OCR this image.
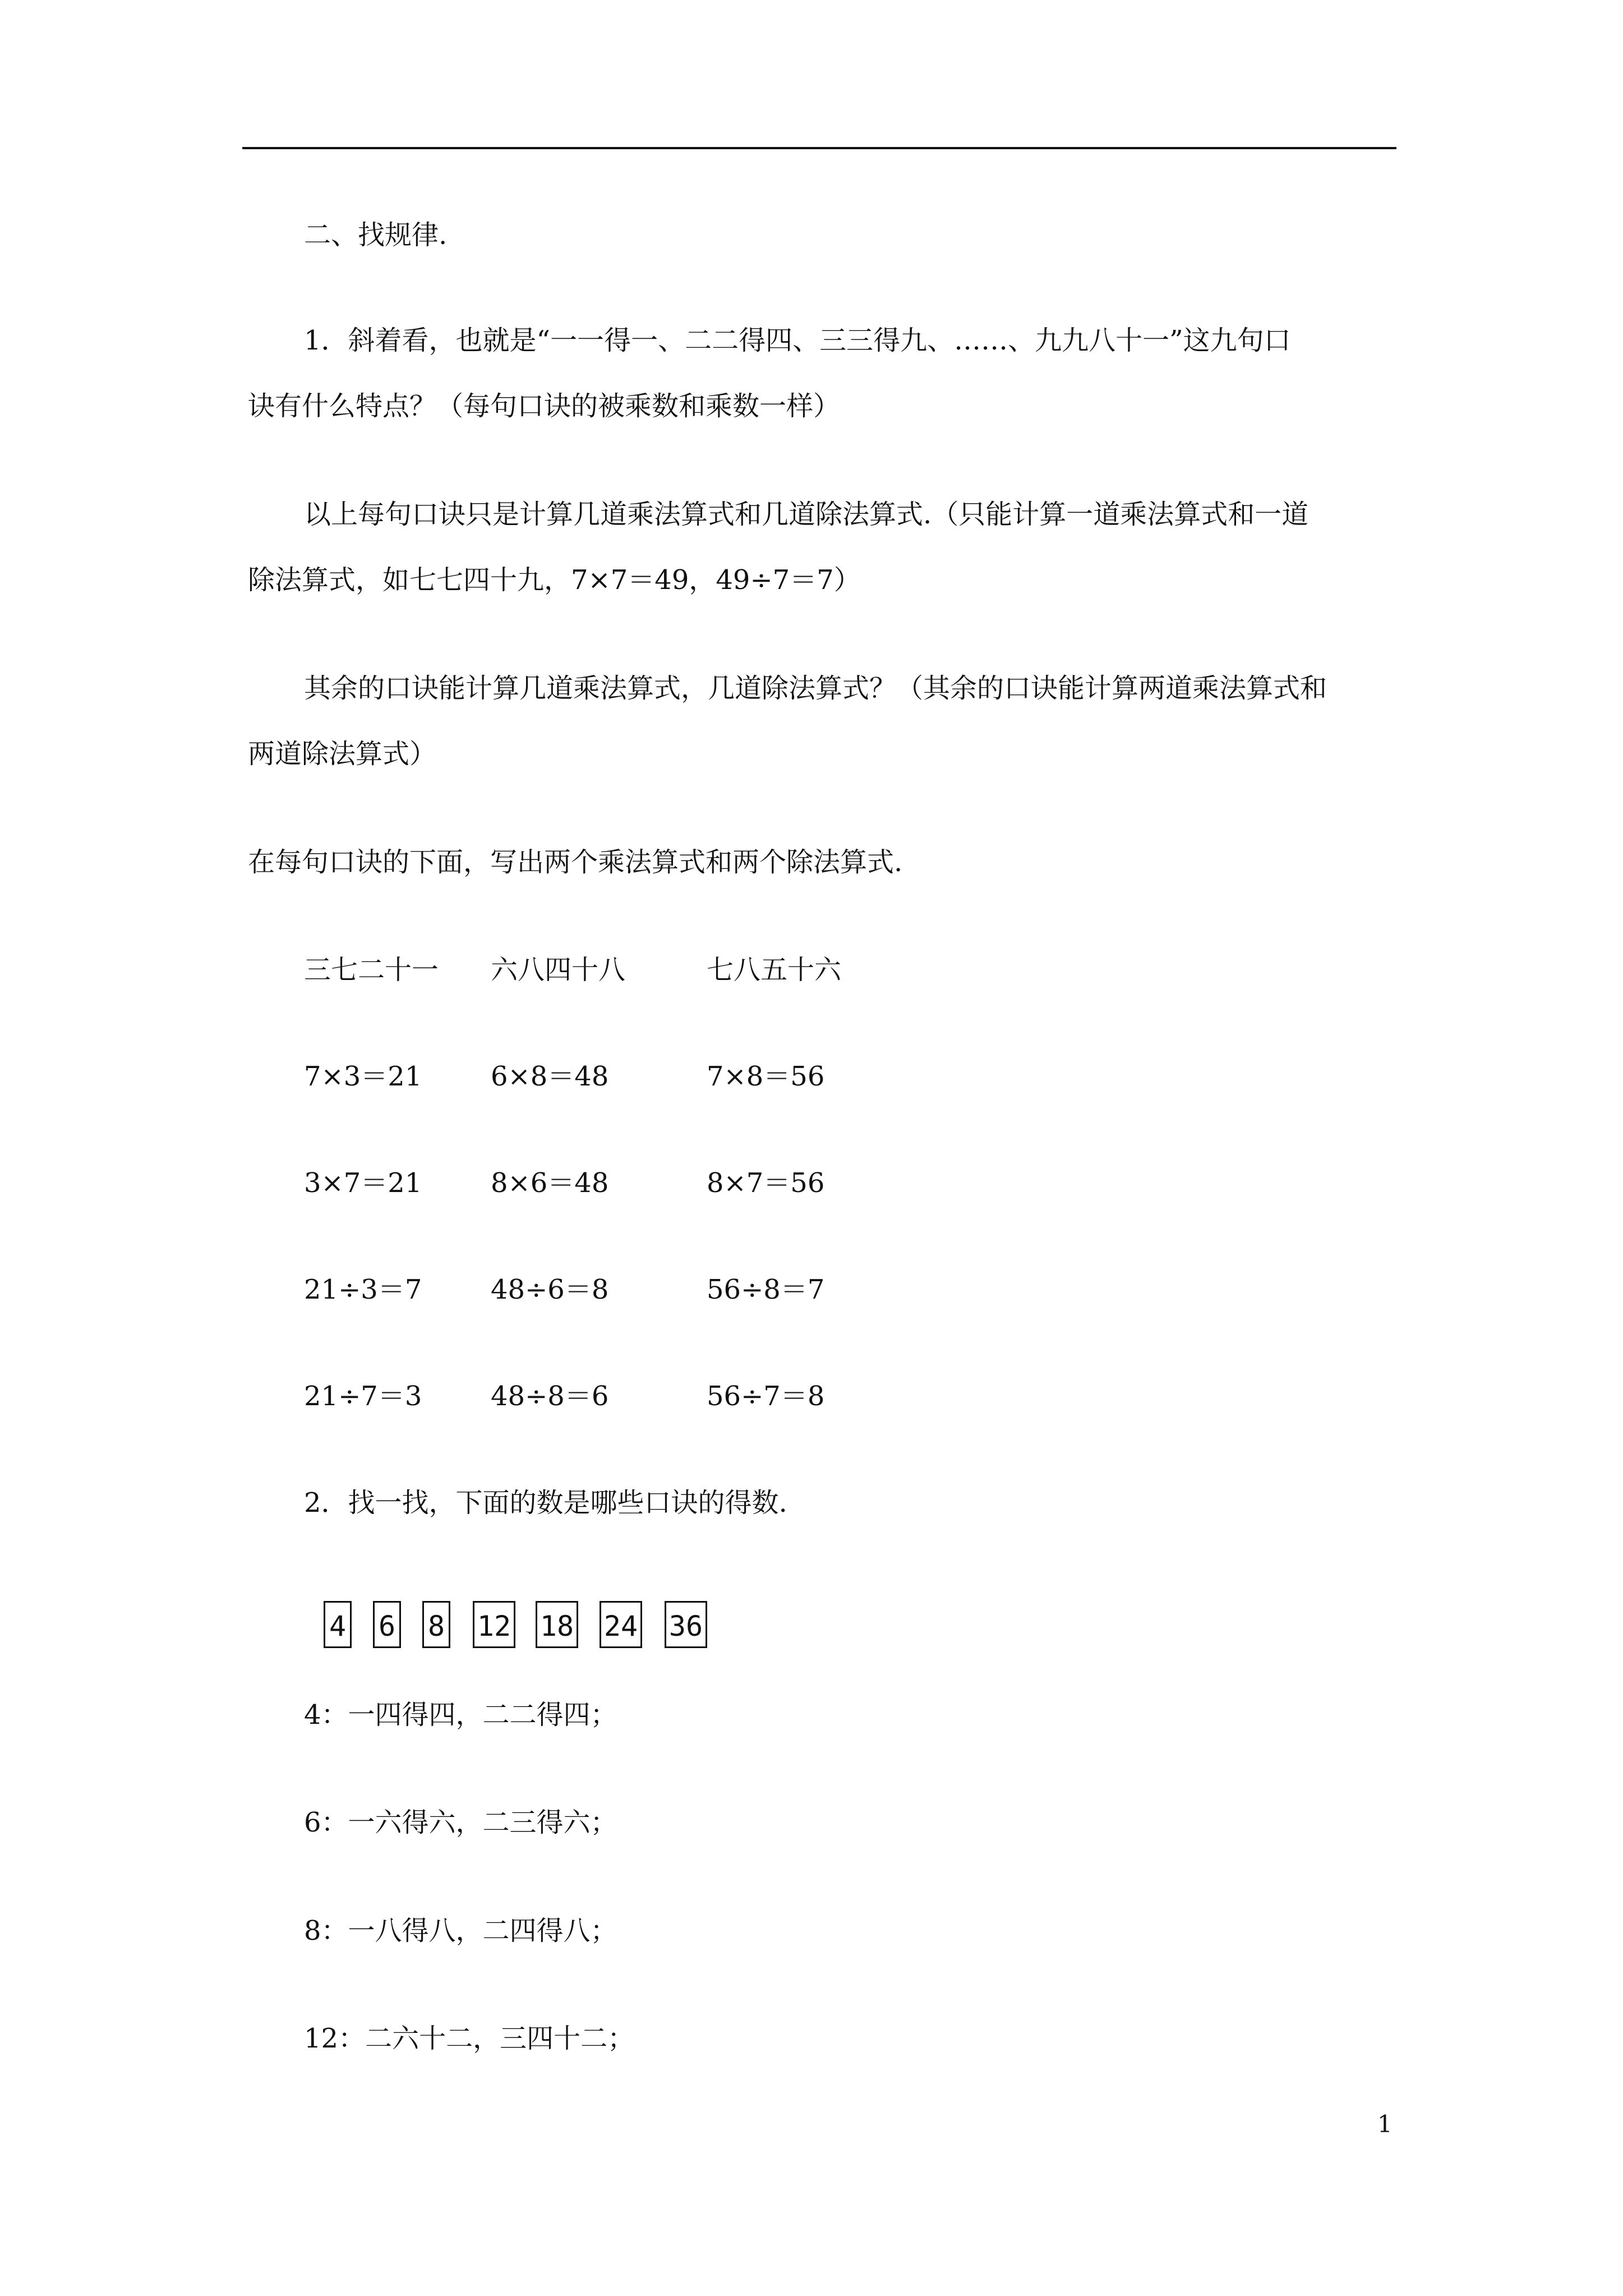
二、找规律.
1．斜着看，也就是“一一得一、二二得四、三三得九、……、九九八十一”这九句口
诀有什么特点？（每句口诀的被乘数和乘数一样）
以上每句口诀只是计算几道乘法算式和几道除法算式.（只能计算一道乘法算式和一道
除法算式，如七七四十九，7×7＝49，49÷7＝7）
其余的口诀能计算几道乘法算式，几道除法算式？（其余的口诀能计算两道乘法算式和
两道除法算式）
在每句口诀的下面，写出两个乘法算式和两个除法算式.
三七二十一 六八四十八	七八五十六
7×3＝21	6×8＝48	7×8＝56
3×7＝21	8×6＝48	8×7＝56
21÷3＝7	48÷6＝8	56÷8＝7
21÷7＝3	48÷8＝6	56÷7＝8
2．找一找，下面的数是哪些口诀的得数.
4 6 8 12 18 24 36
4：一四得四，二二得四；
6：一六得六，二三得六；
8：一八得八，二四得八；
12：二六十二，三四十二；
1
